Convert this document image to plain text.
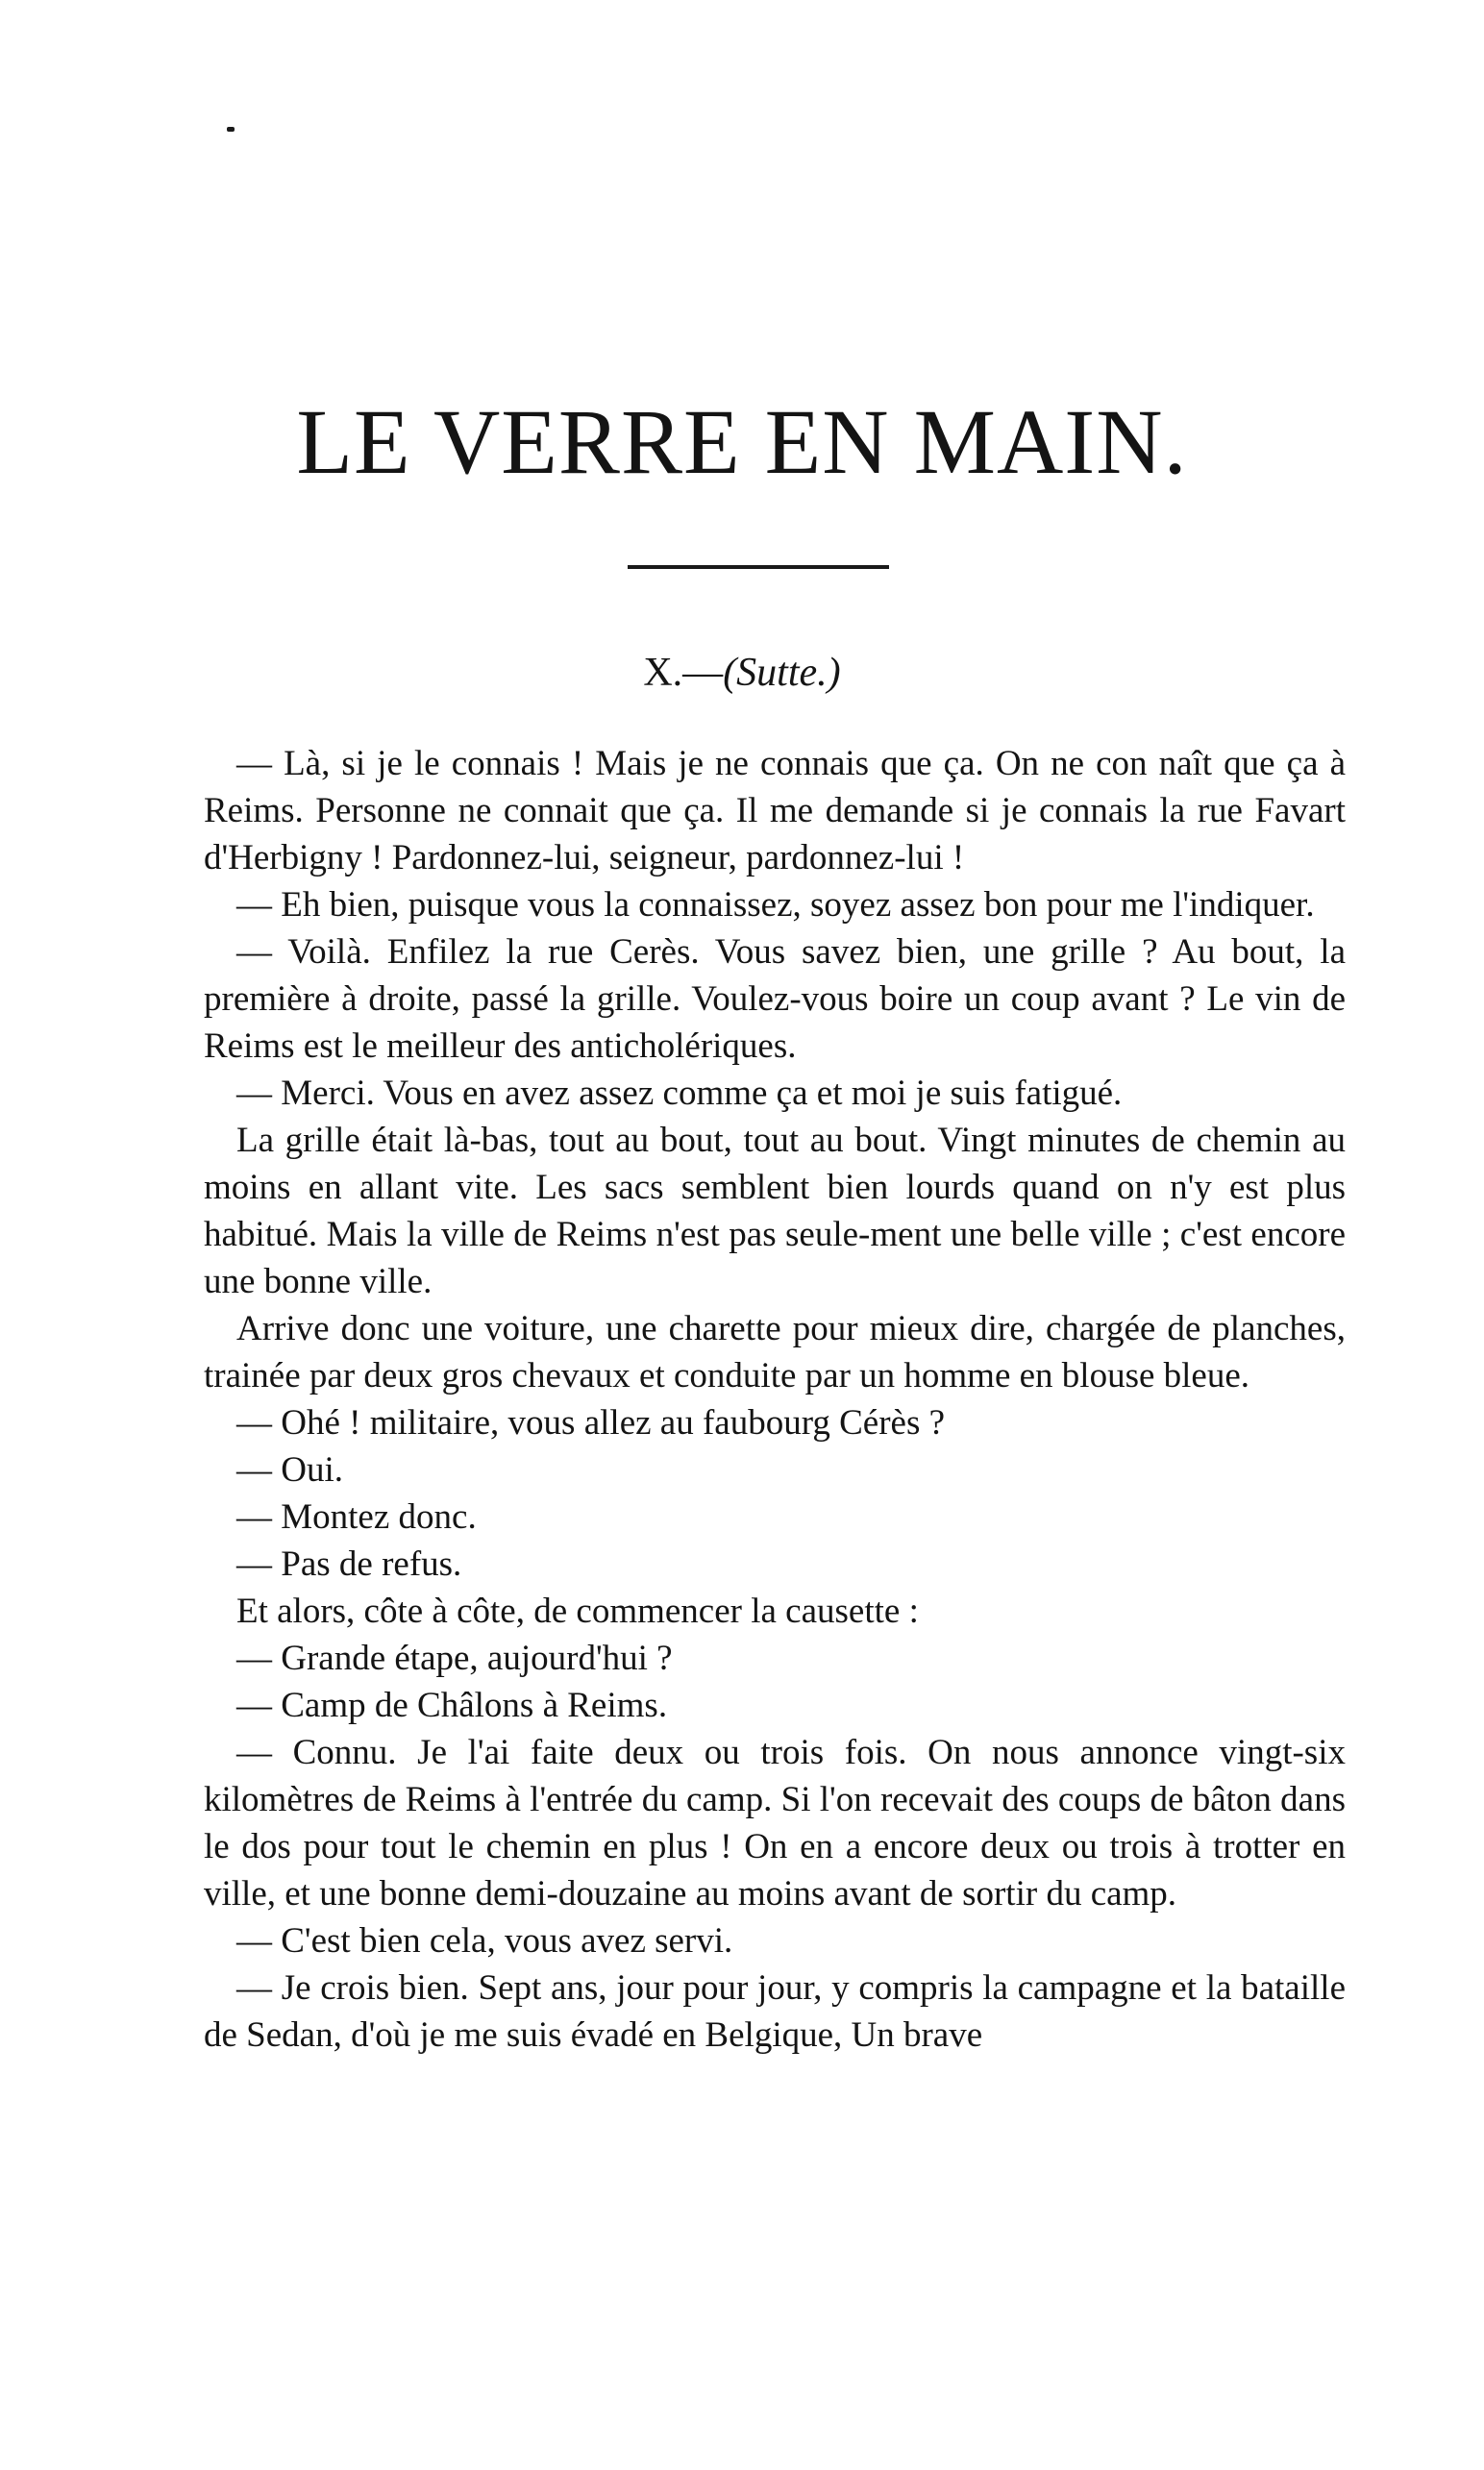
LE VERRE EN MAIN.
X.—(Sutte.)

— Là, si je le connais ! Mais je ne connais que ça. On ne con naît que ça à Reims. Personne ne connait que ça. Il me demande si je connais la rue Favart d'Herbigny ! Pardonnez-lui, seigneur, pardonnez-lui !

— Eh bien, puisque vous la connaissez, soyez assez bon pour me l'indiquer.

— Voilà. Enfilez la rue Cerès. Vous savez bien, une grille ? Au bout, la première à droite, passé la grille. Voulez-vous boire un coup avant ? Le vin de Reims est le meilleur des anticholériques.

— Merci. Vous en avez assez comme ça et moi je suis fatigué.

La grille était là-bas, tout au bout, tout au bout. Vingt minutes de chemin au moins en allant vite. Les sacs semblent bien lourds quand on n'y est plus habitué. Mais la ville de Reims n'est pas seule-ment une belle ville ; c'est encore une bonne ville.

Arrive donc une voiture, une charette pour mieux dire, chargée de planches, trainée par deux gros chevaux et conduite par un homme en blouse bleue.

— Ohé ! militaire, vous allez au faubourg Cérès ?

— Oui.

— Montez donc.

— Pas de refus.

Et alors, côte à côte, de commencer la causette :

— Grande étape, aujourd'hui ?

— Camp de Châlons à Reims.

— Connu. Je l'ai faite deux ou trois fois. On nous annonce vingt-six kilomètres de Reims à l'entrée du camp. Si l'on recevait des coups de bâton dans le dos pour tout le chemin en plus ! On en a encore deux ou trois à trotter en ville, et une bonne demi-douzaine au moins avant de sortir du camp.

— C'est bien cela, vous avez servi.

— Je crois bien. Sept ans, jour pour jour, y compris la campagne et la bataille de Sedan, d'où je me suis évadé en Belgique, Un brave
